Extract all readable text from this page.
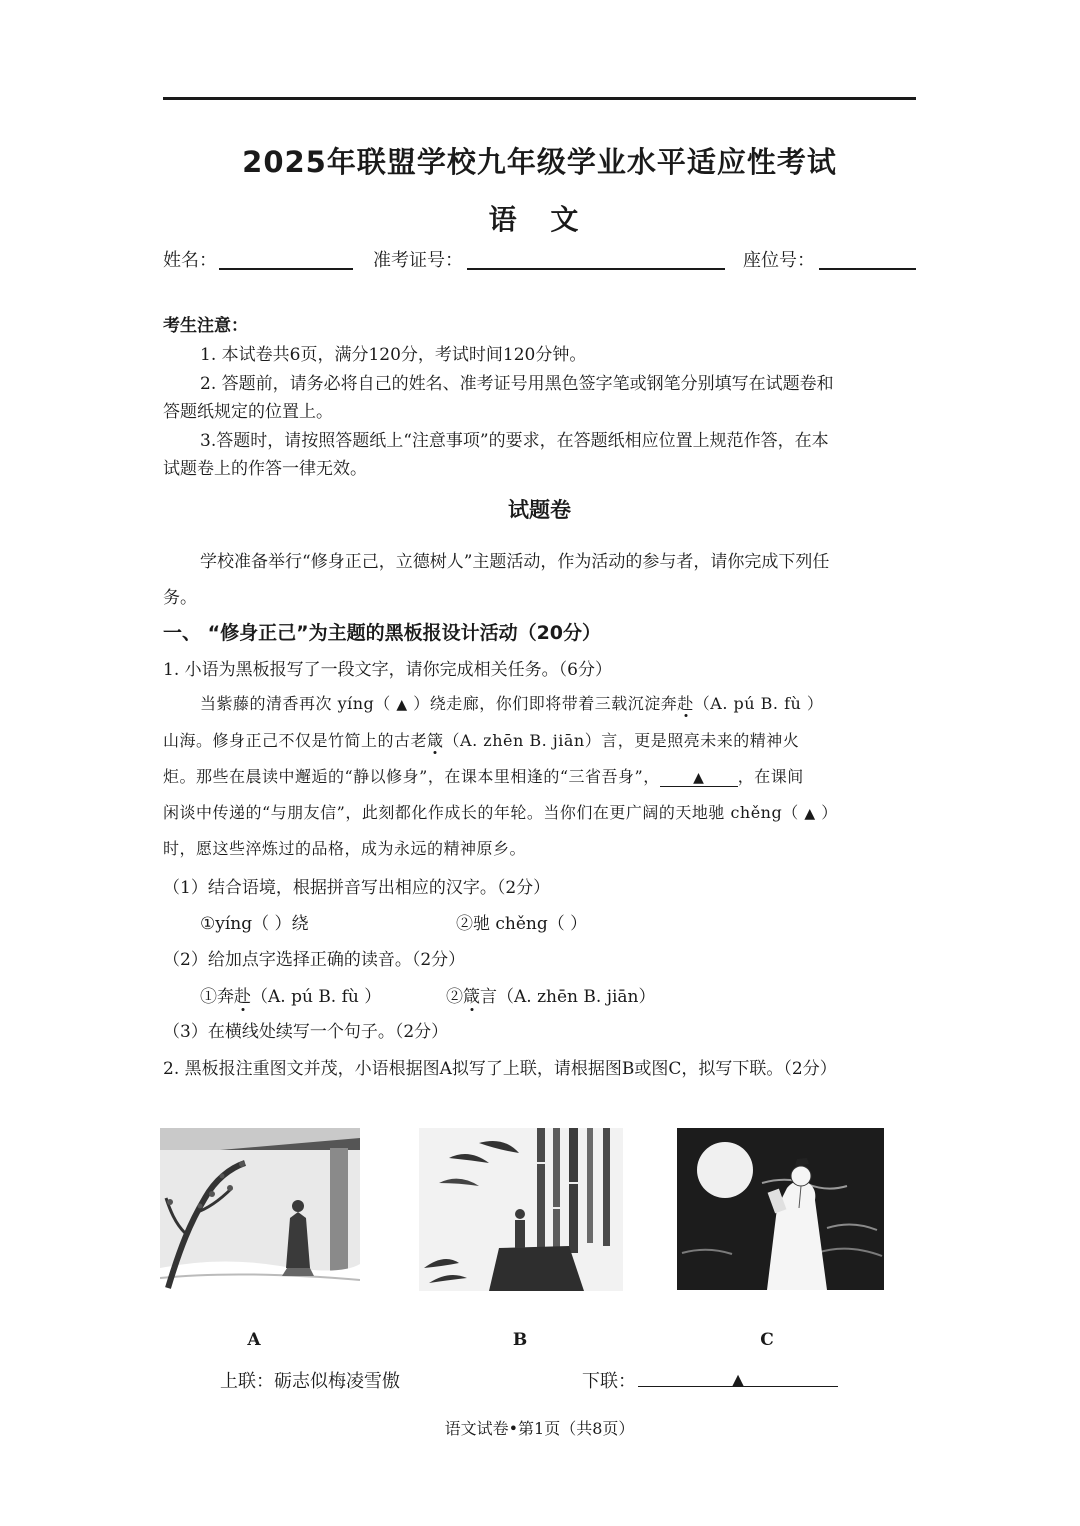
2025年联盟学校九年级学业水平适应性考试
语 文
姓名：	准考证号：	座位号：
考生注意：
1. 本试卷共6页，满分120分，考试时间120分钟。
2. 答题前，请务必将自己的姓名、准考证号用黑色签字笔或钢笔分别填写在试题卷和
答题纸规定的位置上。
3.答题时，请按照答题纸上“注意事项”的要求，在答题纸相应位置上规范作答，在本
试题卷上的作答一律无效。
试题卷
学校准备举行“修身正己，立德树人”主题活动，作为活动的参与者，请你完成下列任
务。
一、 “修身正己”为主题的黑板报设计活动（20分）
1. 小语为黑板报写了一段文字，请你完成相关任务。（6分）
当紫藤的清香再次 yíng（ ▲ ）绕走廊，你们即将带着三载沉淀奔赴（A. pú B. fù ）
山海。修身正己不仅是竹简上的古老箴（A. zhēn B. jiān）言，更是照亮未来的精神火
炬。那些在晨读中邂逅的“静以修身”，在课本里相逢的“三省吾身”， ▲ ，在课间
闲谈中传递的“与朋友信”，此刻都化作成长的年轮。当你们在更广阔的天地驰 chěng（ ▲ ）
时，愿这些淬炼过的品格，成为永远的精神原乡。
（1）结合语境，根据拼音写出相应的汉字。（2分）
①yíng（ ）绕	②驰 chěng（ ）
（2）给加点字选择正确的读音。（2分）
①奔赴（A. pú B. fù ）	②箴言（A. zhēn B. jiān）
（3）在横线处续写一个句子。（2分）
2. 黑板报注重图文并茂，小语根据图A拟写了上联，请根据图B或图C，拟写下联。（2分）
A	B	C
上联：砺志似梅凌雪傲	下联：	▲
语文试卷•第1页（共8页）
